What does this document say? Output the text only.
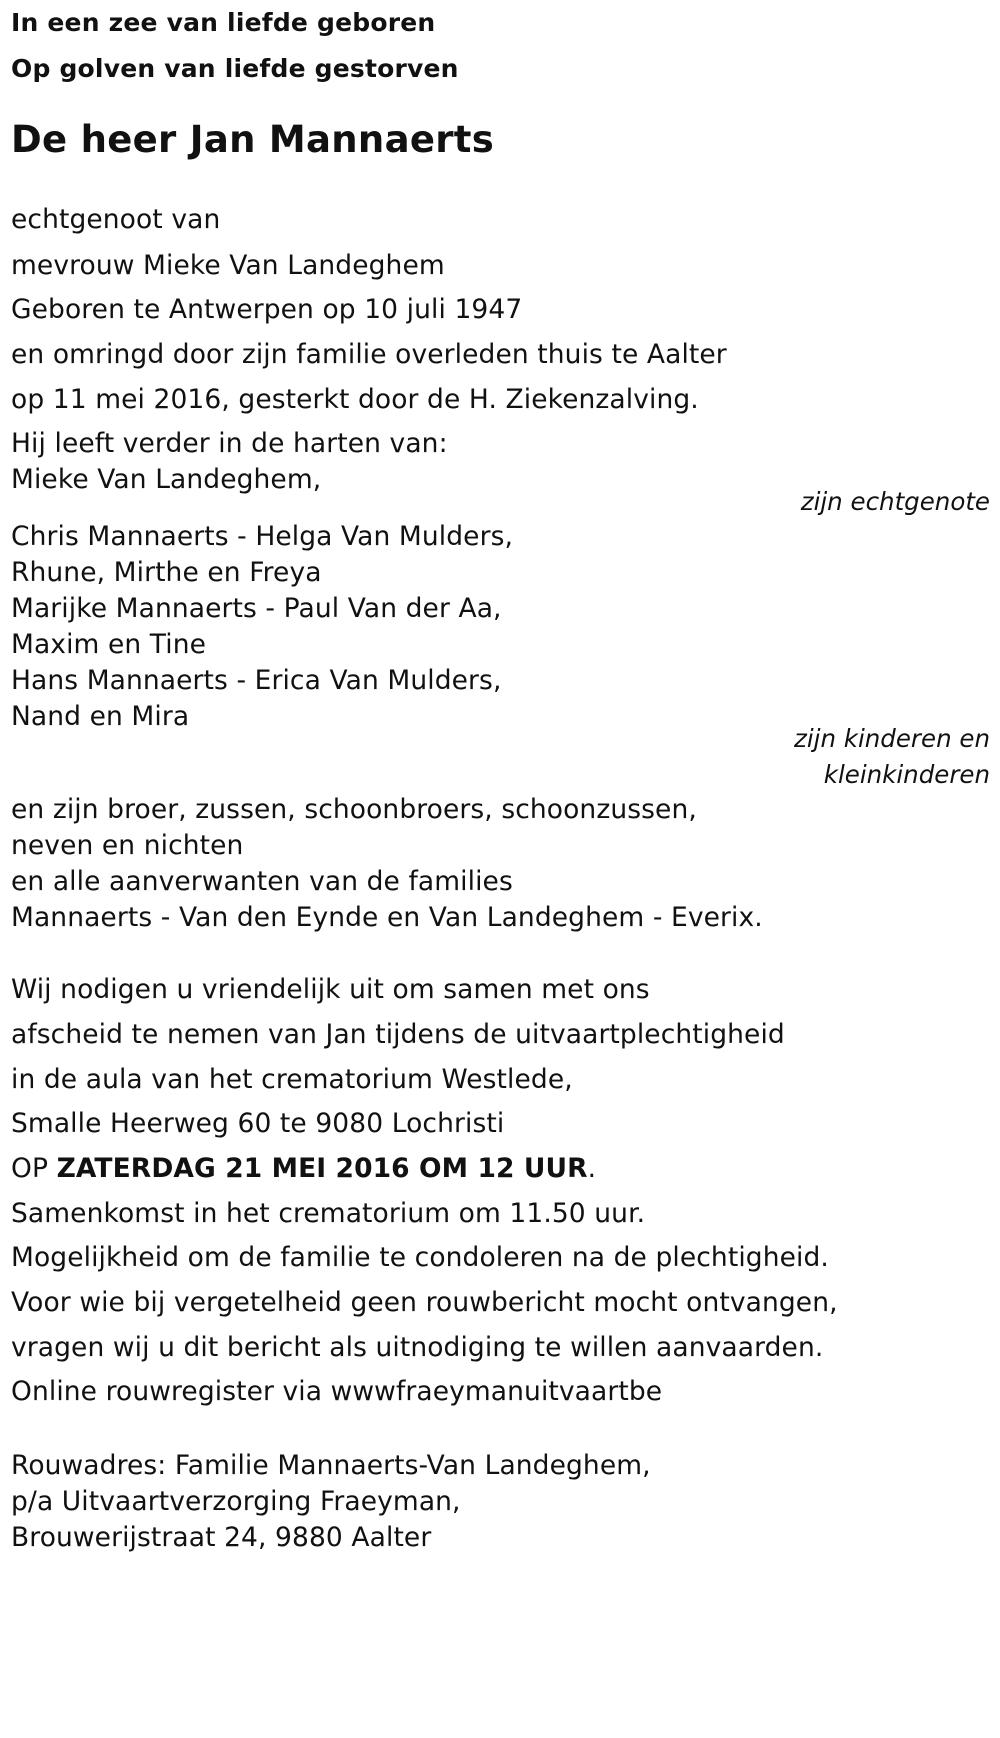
In een zee van liefde geboren
Op golven van liefde gestorven
De heer Jan Mannaerts
echtgenoot van
mevrouw Mieke Van Landeghem
Geboren te Antwerpen op 10 juli 1947
en omringd door zijn familie overleden thuis te Aalter
op 11 mei 2016, gesterkt door de H. Ziekenzalving.
Hij leeft verder in de harten van:
Mieke Van Landeghem,
zijn echtgenote
Chris Mannaerts - Helga Van Mulders,
Rhune, Mirthe en Freya
Marijke Mannaerts - Paul Van der Aa,
Maxim en Tine
Hans Mannaerts - Erica Van Mulders,
Nand en Mira
zijn kinderen en
kleinkinderen
en zijn broer, zussen, schoonbroers, schoonzussen,
neven en nichten
en alle aanverwanten van de families
Mannaerts - Van den Eynde en Van Landeghem - Everix.
Wij nodigen u vriendelijk uit om samen met ons
afscheid te nemen van Jan tijdens de uitvaartplechtigheid
in de aula van het crematorium Westlede,
Smalle Heerweg 60 te 9080 Lochristi
OP ZATERDAG 21 MEI 2016 OM 12 UUR.
Samenkomst in het crematorium om 11.50 uur.
Mogelijkheid om de familie te condoleren na de plechtigheid.
Voor wie bij vergetelheid geen rouwbericht mocht ontvangen,
vragen wij u dit bericht als uitnodiging te willen aanvaarden.
Online rouwregister via wwwfraeymanuitvaartbe
Rouwadres: Familie Mannaerts-Van Landeghem,
p/a Uitvaartverzorging Fraeyman,
Brouwerijstraat 24, 9880 Aalter
